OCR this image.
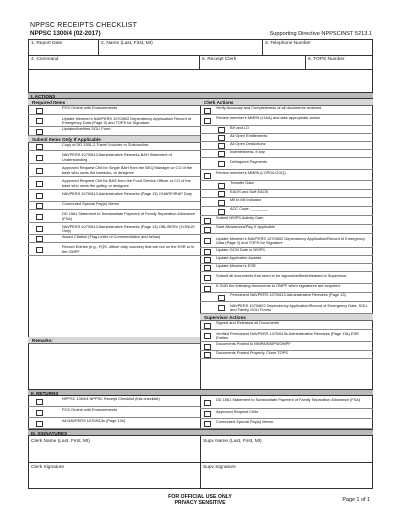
NPPSC RECEIPTS CHECKLIST
NPPSC 1300/4 (02-2017)	Supporting Directive NPPSCINST 5213.1
1. Report Date	2. Name (Last, First, MI)	3. Telephone Number
4. Command	5. Receipt Clerk	6. TOPS Number
I. ACTIONS
Required Items	Clerk Actions
PCS Orders with Endorsements
Update Member's NAVPERS 1070/602 Dependency Application/ Record of Emergency Data (Page 3) and TOPS for Signature
Updated/verified SGLI Form
Submit Items Only If Applicable
Copy of DD 1351-2 Travel Voucher or Subvoucher
NAVPERS 1070/613 Administrative Remarks BAH Statement of Understanding
Approved Request Chit for Single BAH from the BEQ Manager or CO of the base who owns the barracks, or designee
Approved Request Chit for BAS from the Food Service Officer or CO of the base who owns the galley, or designee
NAVPERS 1070/613 Administrative Remarks (Page 13) OHARP/IRAP Duty
Commuted Special Pay(s) Memo
DD 1561 Statement to Substantiate Payment of Family Separation Allowance (FSA)
NAVPERS 1070/613 Administrative Remarks (Page 13) OBLISERV (CONUS Only)
Award Citation (Flag Letter of Commendation and below)
Record Entries (e.g., FQS, officer duty courses) that are not on the ESR or in the OMPF
Verify Accuracy and Completeness of all documents received
Review member's MMPA (JJAA) and take appropriate action
BH and LD
All Open Entitlements
All Open Deductions
Indebtedness, if any
Delinquent Payments
Review member's MMPA (LOPD/LOOQ)
Transfer Data
EAOS and Soft EAOS
Mil to Mil Indicator
ACC Code: ________
Submit NSIPS Activity Gain
Start Allowances/Pay, if applicable
Update Member's NAVPERS 1070/602 Dependency Application/Record of Emergency Data (Page 2) and TOPS for Signature
Update GCM Date in NSIPS
Update Applicable Awards
Update Member's ESR
Submit all documents that need to be signed/verified/released to Supervisor
E-SUB the following documents to OMPF when signatures are acquired:
Permanent NAVPERS 1070/613 Administrative Remarks (Page 13)
NAVPERS 1070/602 Dependency Application/Record of Emergency Data, SGLI and Family SGLI Forms
Supervisor Actions
Signed and Released all Documents
Verified Permanent NAVPERS 1070/613s Administrative Remarks (Page 13s) ESR Entries
Documents Posted to MMPA/NSIPS/OMPF
Documents Posted Properly, Close TOPS
Remarks:
II. RETURNS
NPPSC 1300/4 NPPSC Receipt Checklist (this checklist)
PCS Orders with Endorsements
All NAVPERS 1070/613s (Page 13s)
DD 1561 Statement to Substantiate Payment of Family Separation Allowance (FSA)
Approved Request Chits
Commuted Special Pay(s) Memo
III. SIGNATURES
Clerk Name (Last, First, MI)	Supv Name (Last, First, MI)
Clerk Signature	Supv Signature
FOR OFFICIAL USE ONLY
PRIVACY SENSITIVE	Page 1 of 1
